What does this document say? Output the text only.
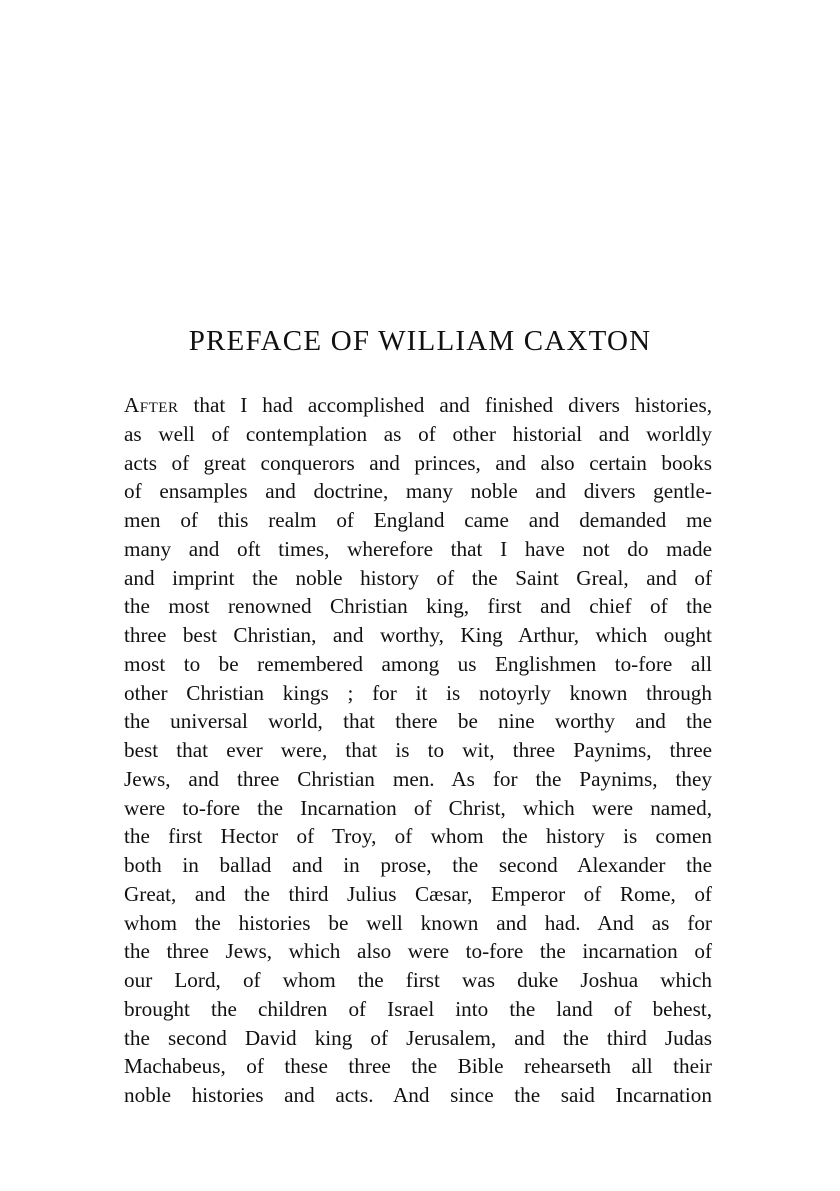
PREFACE OF WILLIAM CAXTON
After that I had accomplished and finished divers histories,
as well of contemplation as of other historial and worldly
acts of great conquerors and princes, and also certain books
of ensamples and doctrine, many noble and divers gentle-
men of this realm of England came and demanded me
many and oft times, wherefore that I have not do made
and imprint the noble history of the Saint Greal, and of
the most renowned Christian king, first and chief of the
three best Christian, and worthy, King Arthur, which ought
most to be remembered among us Englishmen to-fore all
other Christian kings ; for it is notoyrly known through
the universal world, that there be nine worthy and the
best that ever were, that is to wit, three Paynims, three
Jews, and three Christian men. As for the Paynims, they
were to-fore the Incarnation of Christ, which were named,
the first Hector of Troy, of whom the history is comen
both in ballad and in prose, the second Alexander the
Great, and the third Julius Cæsar, Emperor of Rome, of
whom the histories be well known and had. And as for
the three Jews, which also were to-fore the incarnation of
our Lord, of whom the first was duke Joshua which
brought the children of Israel into the land of behest,
the second David king of Jerusalem, and the third Judas
Machabeus, of these three the Bible rehearseth all their
noble histories and acts. And since the said Incarnation
